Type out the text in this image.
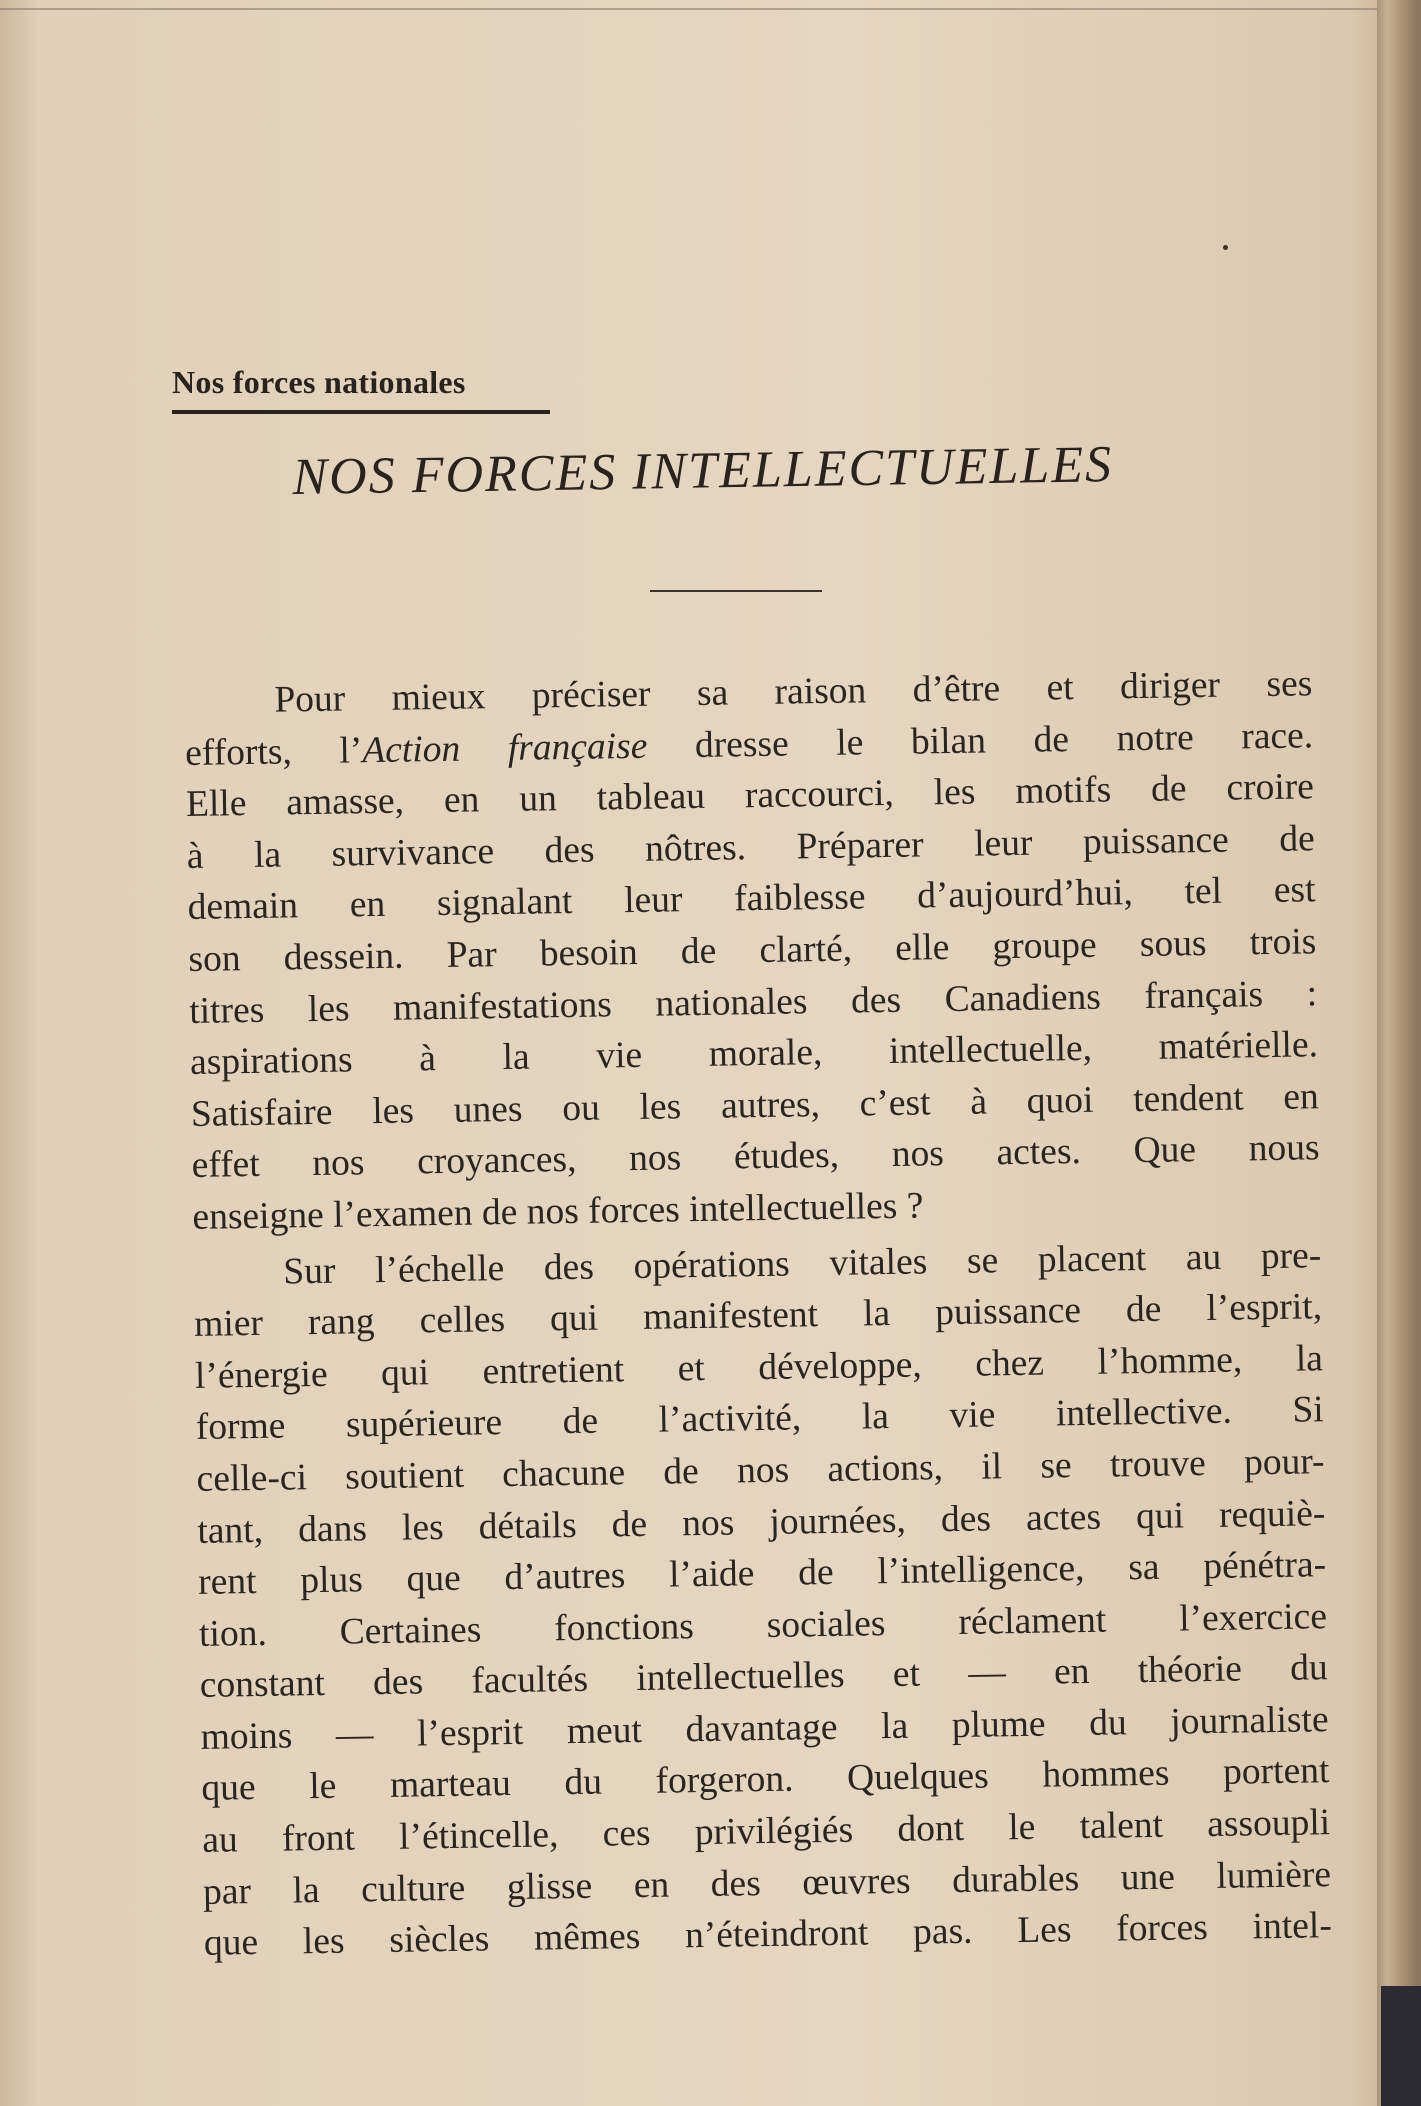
Nos forces nationales
NOS FORCES INTELLECTUELLES
Pour mieux préciser sa raison d’être et diriger ses
efforts, l’Action française dresse le bilan de notre race.
Elle amasse, en un tableau raccourci, les motifs de croire
à la survivance des nôtres. Préparer leur puissance de
demain en signalant leur faiblesse d’aujourd’hui, tel est
son dessein. Par besoin de clarté, elle groupe sous trois
titres les manifestations nationales des Canadiens français :
aspirations à la vie morale, intellectuelle, matérielle.
Satisfaire les unes ou les autres, c’est à quoi tendent en
effet nos croyances, nos études, nos actes. Que nous
enseigne l’examen de nos forces intellectuelles ?
Sur l’échelle des opérations vitales se placent au pre-
mier rang celles qui manifestent la puissance de l’esprit,
l’énergie qui entretient et développe, chez l’homme, la
forme supérieure de l’activité, la vie intellective. Si
celle-ci soutient chacune de nos actions, il se trouve pour-
tant, dans les détails de nos journées, des actes qui requiè-
rent plus que d’autres l’aide de l’intelligence, sa pénétra-
tion. Certaines fonctions sociales réclament l’exercice
constant des facultés intellectuelles et — en théorie du
moins — l’esprit meut davantage la plume du journaliste
que le marteau du forgeron. Quelques hommes portent
au front l’étincelle, ces privilégiés dont le talent assoupli
par la culture glisse en des œuvres durables une lumière
que les siècles mêmes n’éteindront pas. Les forces intel-
